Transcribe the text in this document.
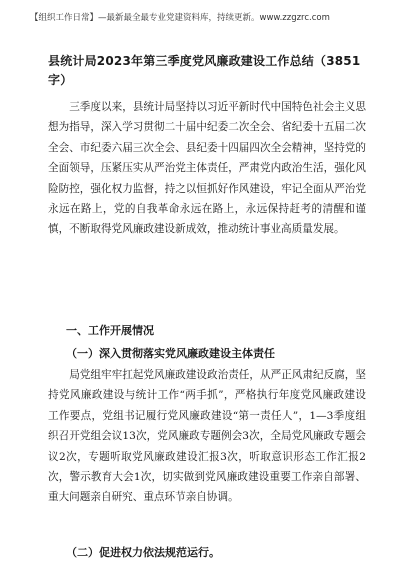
【组织工作日常】—最新最全最专业党建资料库，持续更新。www.zzgzrc.com
县统计局2023年第三季度党风廉政建设工作总结（3851字）

三季度以来，县统计局坚持以习近平新时代中国特色社会主义思想为指导，深入学习贯彻二十届中纪委二次全会、省纪委十五届二次全会、市纪委六届三次全会、县纪委十四届四次全会精神，坚持党的全面领导，压紧压实从严治党主体责任，严肃党内政治生活，强化风险防控，强化权力监督，持之以恒抓好作风建设，牢记全面从严治党永远在路上，党的自我革命永远在路上，永远保持赶考的清醒和谨慎，不断取得党风廉政建设新成效，推动统计事业高质量发展。

一、工作开展情况
（一）深入贯彻落实党风廉政建设主体责任

局党组牢牢扛起党风廉政建设政治责任，从严正风肃纪反腐，坚持党风廉政建设与统计工作“两手抓”，严格执行年度党风廉政建设工作要点，党组书记履行党风廉政建设“第一责任人”，1—3季度组织召开党组会议13次，党风廉政专题例会3次，全局党风廉政专题会议2次，专题听取党风廉政建设汇报3次，听取意识形态工作汇报2次，警示教育大会1次，切实做到党风廉政建设重要工作亲自部署、重大问题亲自研究、重点环节亲自协调。

（二）促进权力依法规范运行。
